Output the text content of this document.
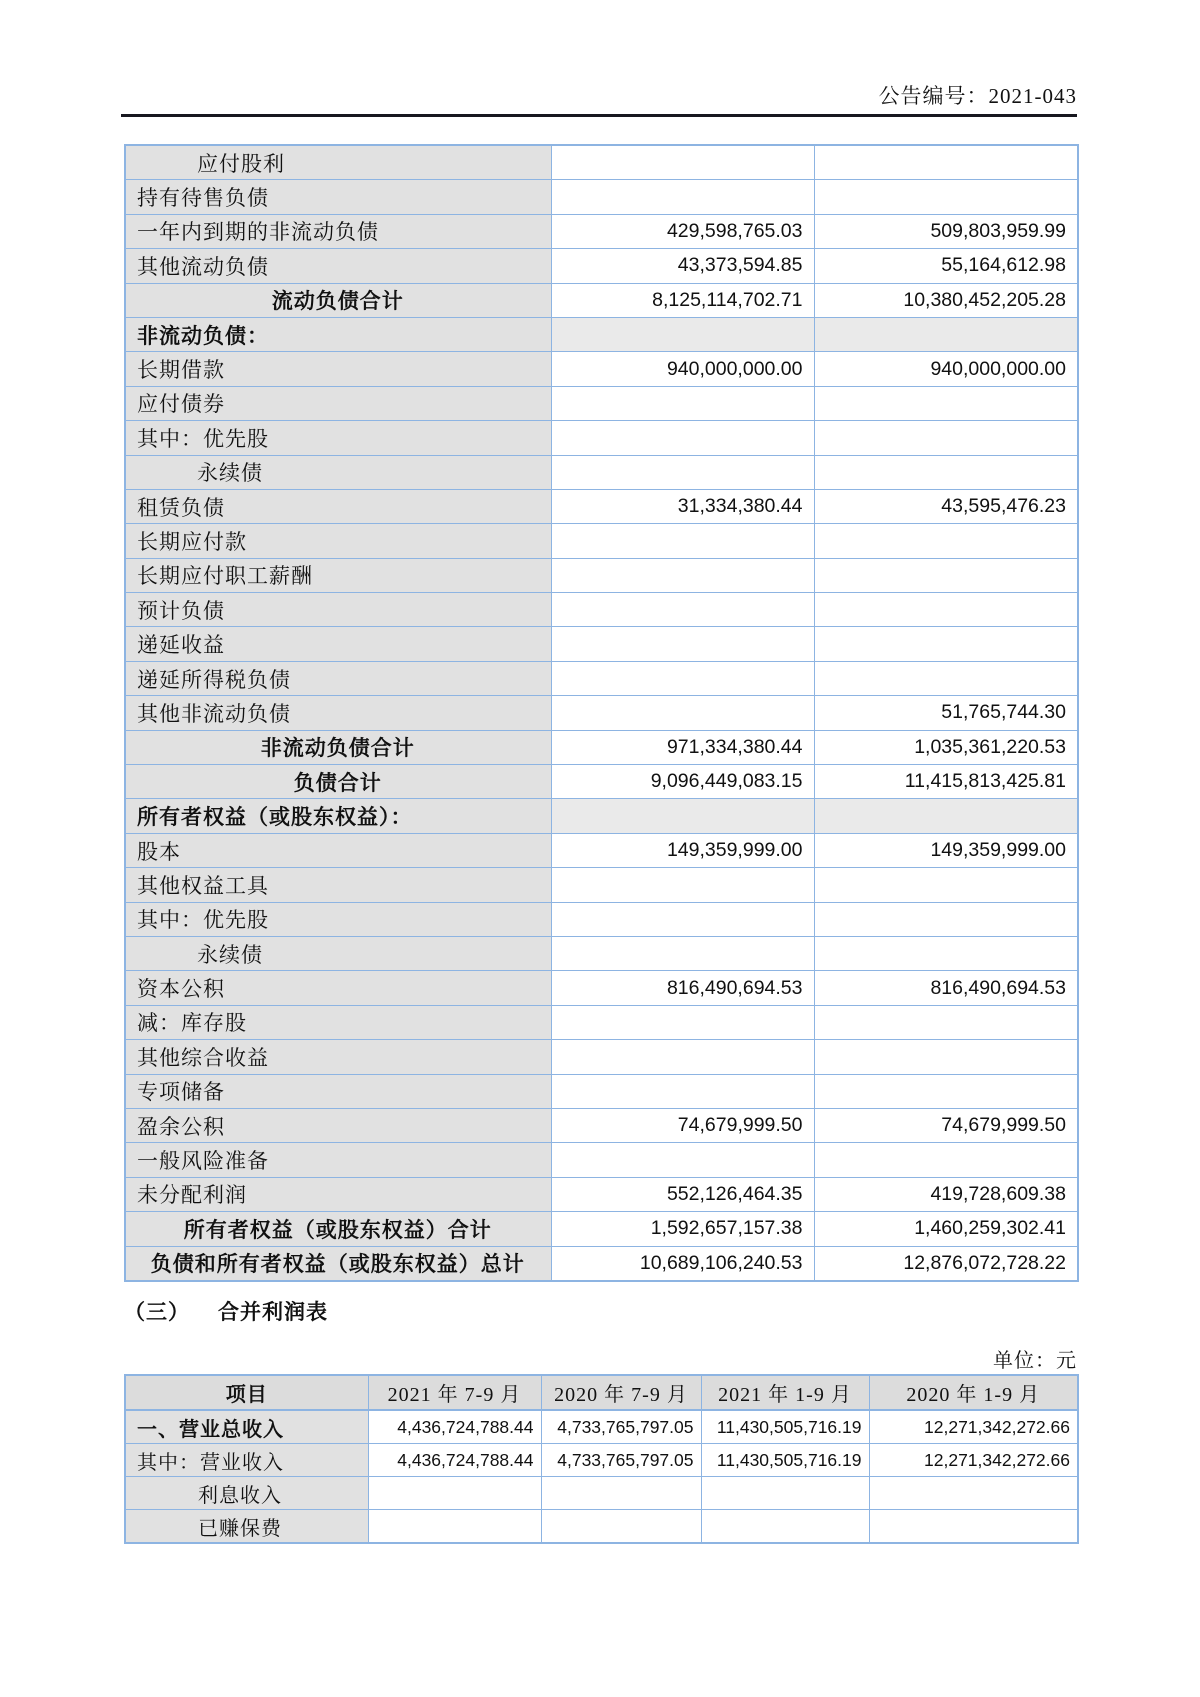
公告编号：2021-043
应付股利		
持有待售负债		
一年内到期的非流动负债	429,598,765.03	509,803,959.99
其他流动负债	43,373,594.85	55,164,612.98
流动负债合计	8,125,114,702.71	10,380,452,205.28
非流动负债：		
长期借款	940,000,000.00	940,000,000.00
应付债券		
其中：优先股		
永续债		
租赁负债	31,334,380.44	43,595,476.23
长期应付款		
长期应付职工薪酬		
预计负债		
递延收益		
递延所得税负债		
其他非流动负债		51,765,744.30
非流动负债合计	971,334,380.44	1,035,361,220.53
负债合计	9,096,449,083.15	11,415,813,425.81
所有者权益（或股东权益）：		
股本	149,359,999.00	149,359,999.00
其他权益工具		
其中：优先股		
永续债		
资本公积	816,490,694.53	816,490,694.53
减：库存股		
其他综合收益		
专项储备		
盈余公积	74,679,999.50	74,679,999.50
一般风险准备		
未分配利润	552,126,464.35	419,728,609.38
所有者权益（或股东权益）合计	1,592,657,157.38	1,460,259,302.41
负债和所有者权益（或股东权益）总计	10,689,106,240.53	12,876,072,728.22
（三） 合并利润表
单位：元
项目	2021 年 7-9 月	2020 年 7-9 月	2021 年 1-9 月	2020 年 1-9 月
一、营业总收入	4,436,724,788.44	4,733,765,797.05	11,430,505,716.19	12,271,342,272.66
其中：营业收入	4,436,724,788.44	4,733,765,797.05	11,430,505,716.19	12,271,342,272.66
利息收入				
已赚保费				
